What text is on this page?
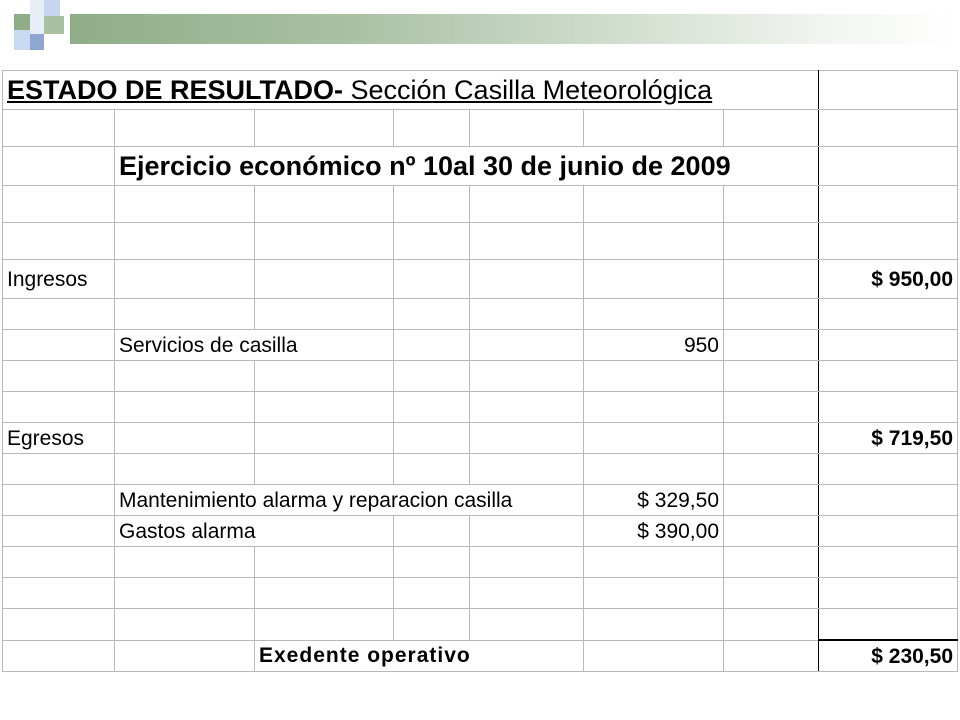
ESTADO DE RESULTADO- Sección Casilla Meteorológica							

	Ejercicio económico nº 10al 30 de junio de 2009						

Ingresos							$ 950,00

	Servicios de casilla				950		

Egresos							$ 719,50

	Mantenimiento alarma y reparacion casilla				$ 329,50		
	Gastos alarma				$ 390,00		

		Exedente operativo					$ 230,50
